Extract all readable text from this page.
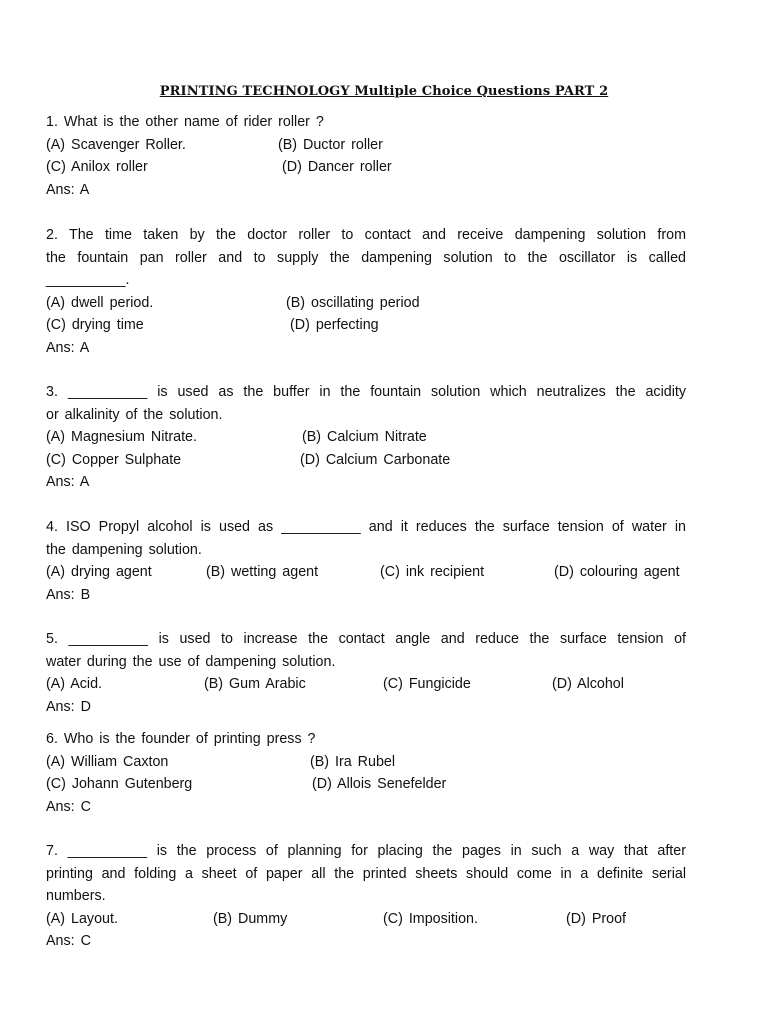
PRINTING TECHNOLOGY Multiple Choice Questions PART 2
1. What is the other name of rider roller ?
(A) Scavenger Roller.	(B) Ductor roller
(C) Anilox roller	(D) Dancer roller
Ans: A
2. The time taken by the doctor roller to contact and receive dampening solution from
the fountain pan roller and to supply the dampening solution to the oscillator is called
__________.
(A) dwell period.	(B) oscillating period
(C) drying time	(D) perfecting
Ans: A
3. __________ is used as the buffer in the fountain solution which neutralizes the acidity
or alkalinity of the solution.
(A) Magnesium Nitrate.	(B) Calcium Nitrate
(C) Copper Sulphate	(D) Calcium Carbonate
Ans: A
4. ISO Propyl alcohol is used as __________ and it reduces the surface tension of water in
the dampening solution.
(A) drying agent	(B) wetting agent	(C) ink recipient	(D) colouring agent
Ans: B
5. __________ is used to increase the contact angle and reduce the surface tension of
water during the use of dampening solution.
(A) Acid.	(B) Gum Arabic	(C) Fungicide	(D) Alcohol
Ans: D
6. Who is the founder of printing press ?
(A) William Caxton	(B) Ira Rubel
(C) Johann Gutenberg	(D) Allois Senefelder
Ans: C
7. __________ is the process of planning for placing the pages in such a way that after
printing and folding a sheet of paper all the printed sheets should come in a definite serial
numbers.
(A) Layout.	(B) Dummy	(C) Imposition.	(D) Proof
Ans: C
